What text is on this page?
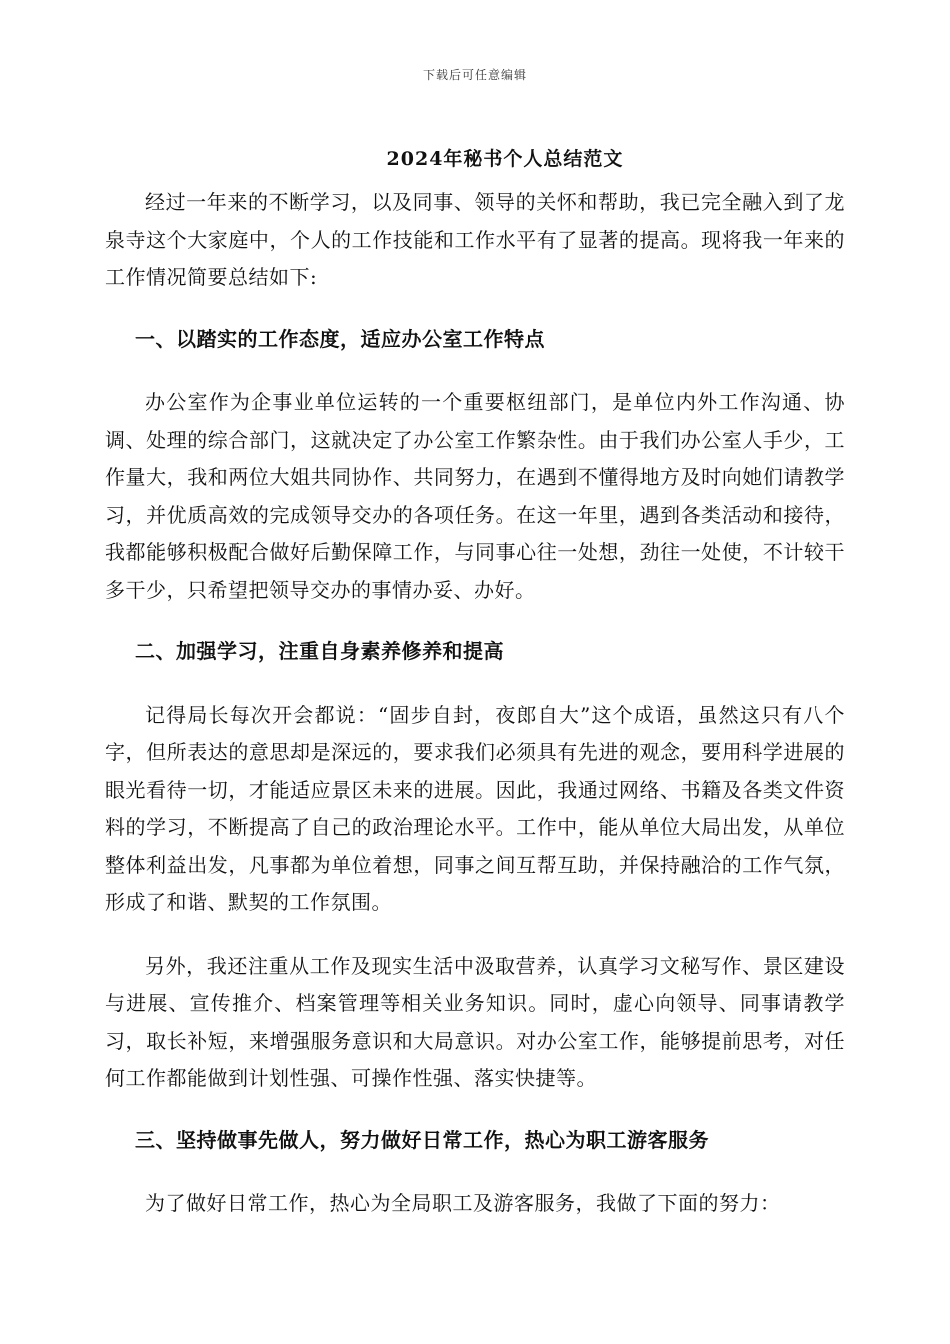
下载后可任意编辑
2024年秘书个人总结范文

经过一年来的不断学习，以及同事、领导的关怀和帮助，我已完全融入到了龙泉寺这个大家庭中，个人的工作技能和工作水平有了显著的提高。现将我一年来的工作情况简要总结如下:

一、以踏实的工作态度，适应办公室工作特点

办公室作为企事业单位运转的一个重要枢纽部门，是单位内外工作沟通、协调、处理的综合部门，这就决定了办公室工作繁杂性。由于我们办公室人手少，工作量大，我和两位大姐共同协作、共同努力，在遇到不懂得地方及时向她们请教学习，并优质高效的完成领导交办的各项任务。在这一年里，遇到各类活动和接待，我都能够积极配合做好后勤保障工作，与同事心往一处想，劲往一处使，不计较干多干少，只希望把领导交办的事情办妥、办好。

二、加强学习，注重自身素养修养和提高

记得局长每次开会都说：“固步自封，夜郎自大”这个成语，虽然这只有八个字，但所表达的意思却是深远的，要求我们必须具有先进的观念，要用科学进展的眼光看待一切，才能适应景区未来的进展。因此，我通过网络、书籍及各类文件资料的学习，不断提高了自己的政治理论水平。工作中，能从单位大局出发，从单位整体利益出发，凡事都为单位着想，同事之间互帮互助，并保持融洽的工作气氛，形成了和谐、默契的工作氛围。

另外，我还注重从工作及现实生活中汲取营养，认真学习文秘写作、景区建设与进展、宣传推介、档案管理等相关业务知识。同时，虚心向领导、同事请教学习，取长补短，来增强服务意识和大局意识。对办公室工作，能够提前思考，对任何工作都能做到计划性强、可操作性强、落实快捷等。

三、坚持做事先做人，努力做好日常工作，热心为职工游客服务

为了做好日常工作，热心为全局职工及游客服务，我做了下面的努力：
